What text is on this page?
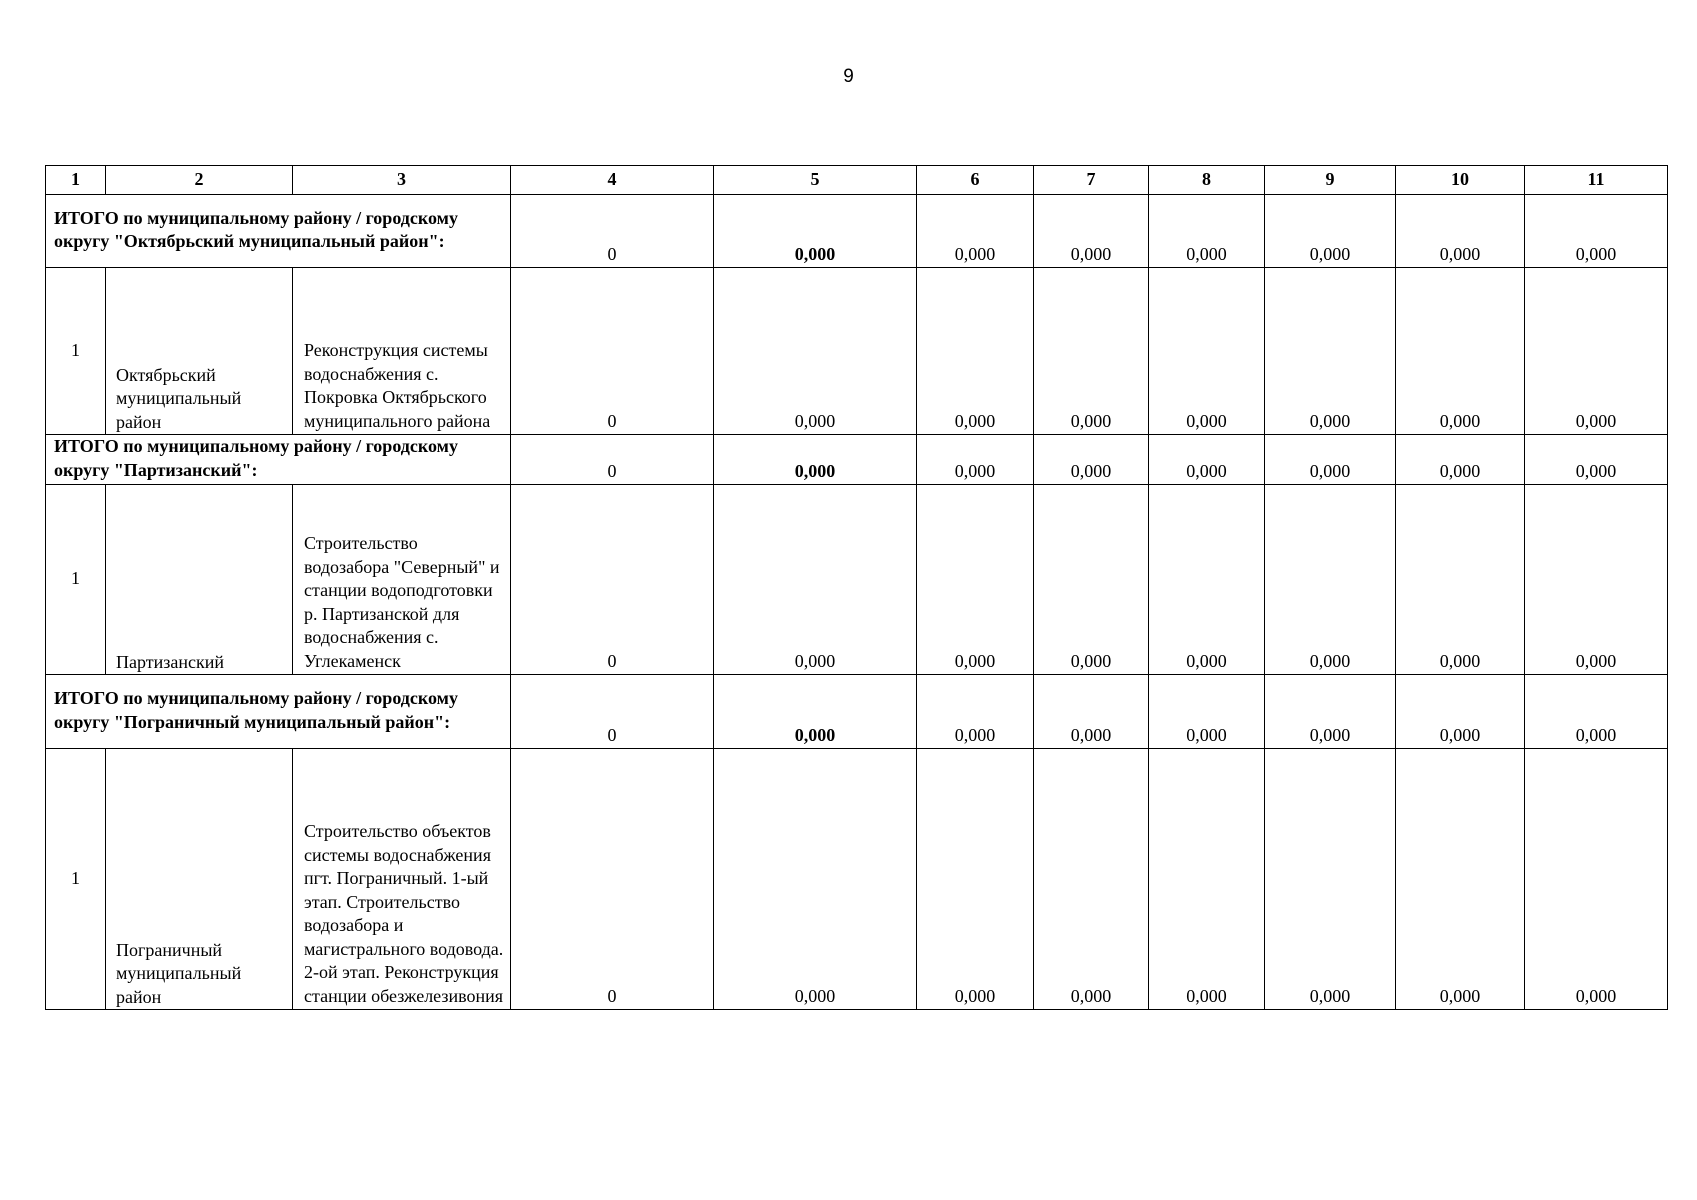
9
1	2	3	4	5	6	7	8	9	10	11
ИТОГО по муниципальному району / городскому округу "Октябрьский муниципальный район":			0	0,000	0,000	0,000	0,000	0,000	0,000	0,000
1	Октябрьский муниципальный район	Реконструкция системы водоснабжения с. Покровка Октябрьского муниципального района	0	0,000	0,000	0,000	0,000	0,000	0,000	0,000
ИТОГО по муниципальному району / городскому округу "Партизанский":			0	0,000	0,000	0,000	0,000	0,000	0,000	0,000
1	Партизанский	Строительство водозабора "Северный" и станции водоподготовки р. Партизанской для водоснабжения с. Углекаменск	0	0,000	0,000	0,000	0,000	0,000	0,000	0,000
ИТОГО по муниципальному району / городскому округу "Пограничный муниципальный район":			0	0,000	0,000	0,000	0,000	0,000	0,000	0,000
1	Пограничный муниципальный район	Строительство объектов системы водоснабжения пгт. Пограничный. 1-ый этап. Строительство водозабора и магистрального водовода. 2-ой этап. Реконструкция станции обезжелезивония	0	0,000	0,000	0,000	0,000	0,000	0,000	0,000
